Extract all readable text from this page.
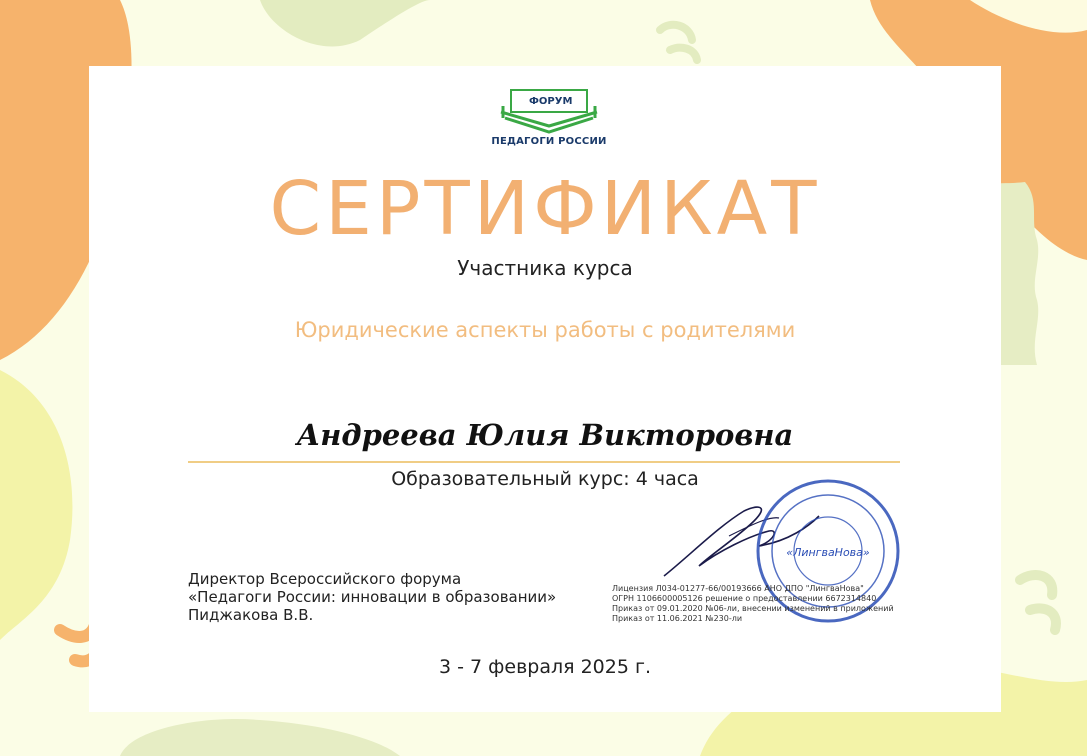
ФОРУМ
ПЕДАГОГИ РОССИИ
СЕРТИФИКАТ
Участника курса
Юридические аспекты работы с родителями
Андреева Юлия Викторовна
Образовательный курс: 4 часа
Директор Всероссийского форума
«Педагоги России: инновации в образовании»
Пиджакова В.В.
«ЛингваНова»
Лицензия Л034-01277-66/00193666 АНО ДПО "ЛингваНова"
ОГРН 1106600005126 решение о предоставлении 6672314840
Приказ от 09.01.2020 №06-ли, внесении изменений в приложений
Приказ от 11.06.2021 №230-ли
3 - 7 февраля 2025 г.
